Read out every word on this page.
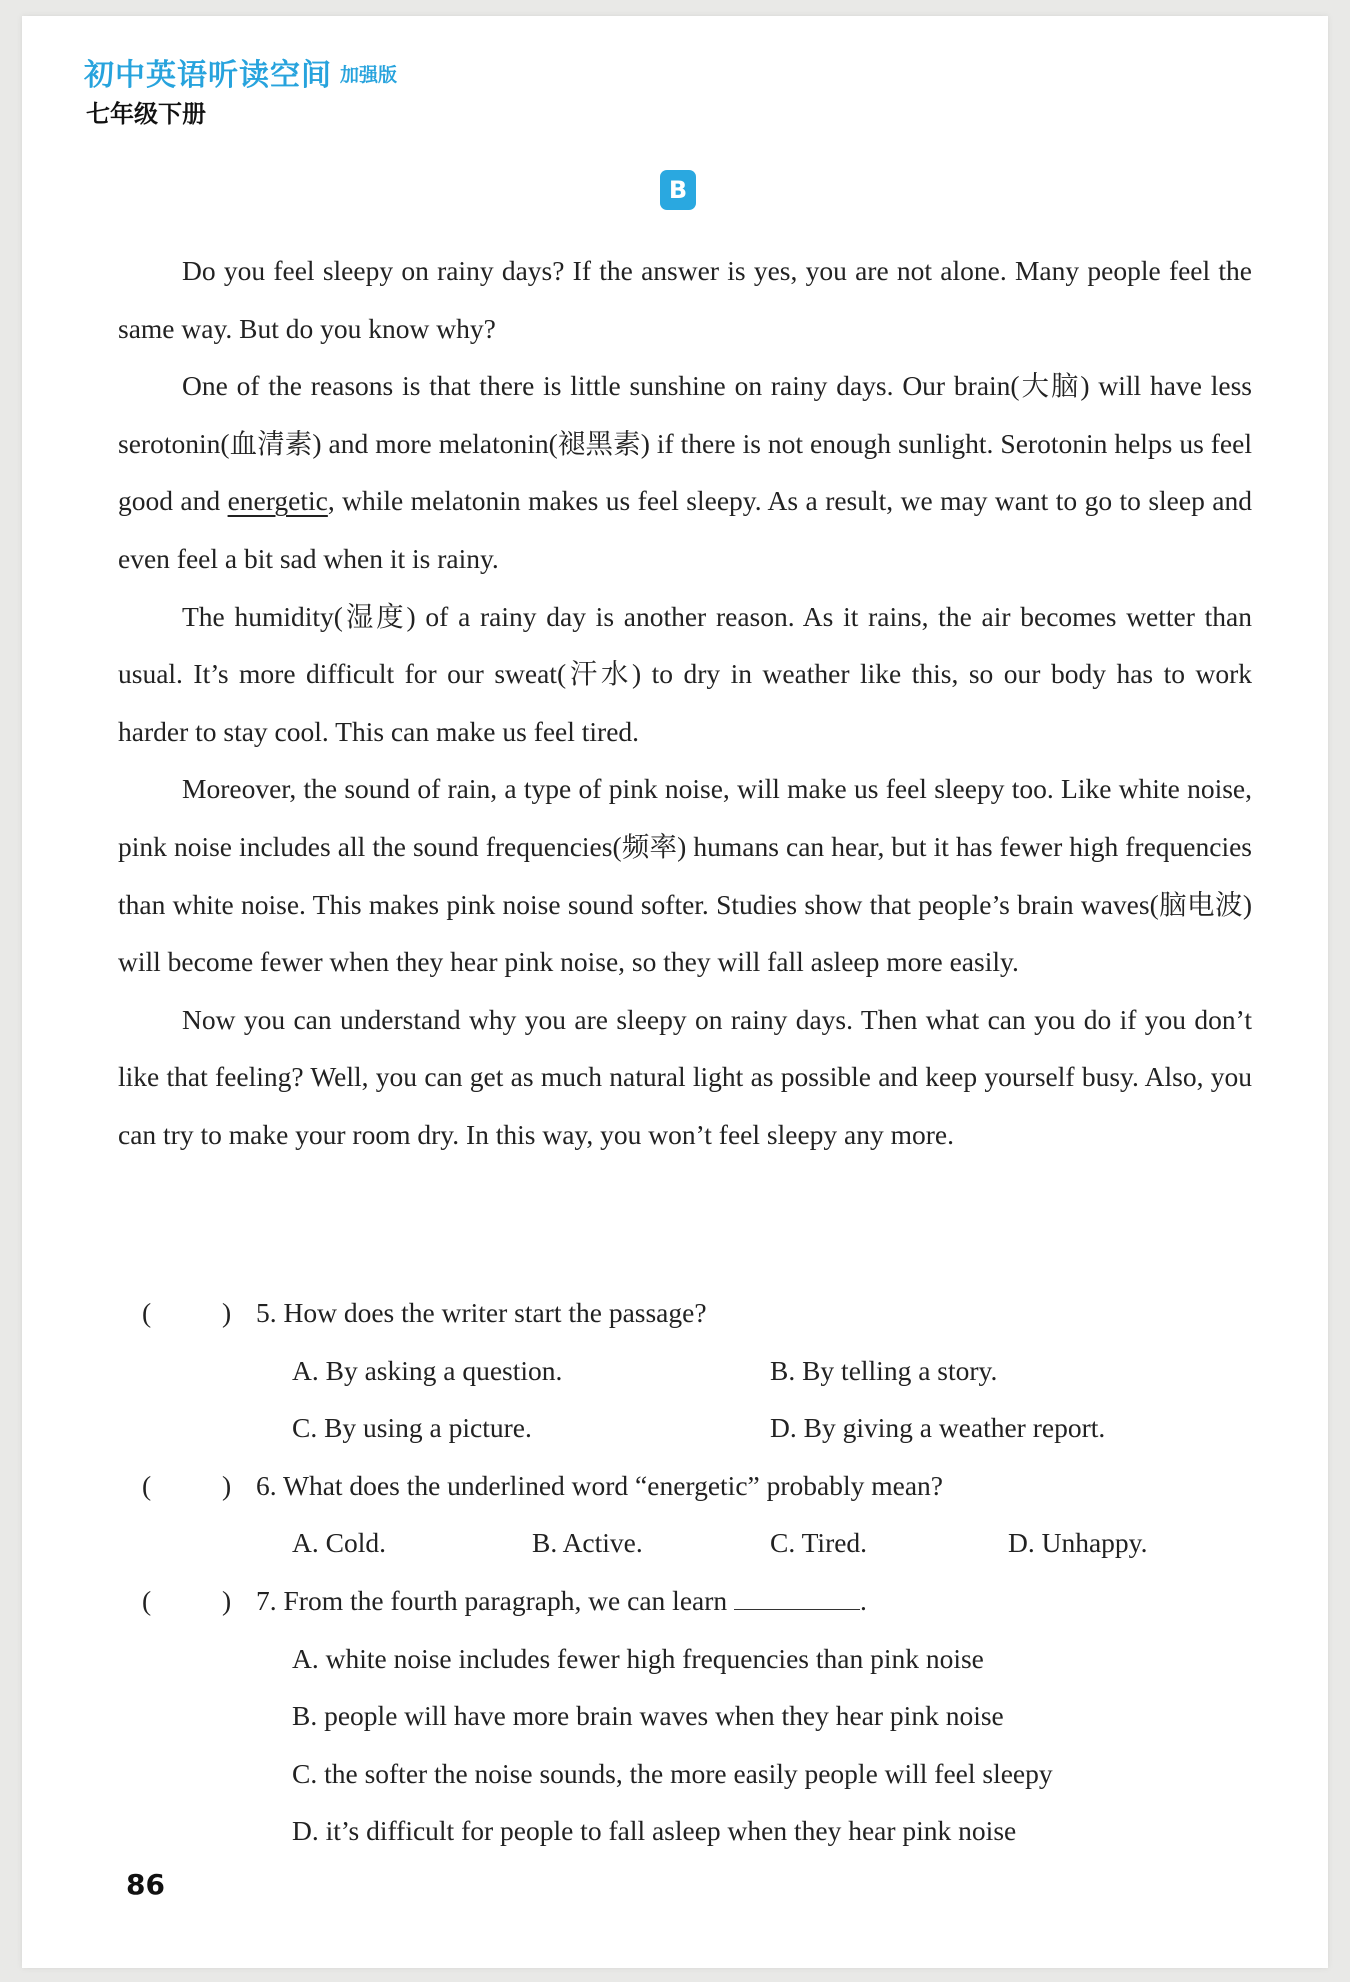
初中英语听读空间 加强版
七年级下册
B

Do you feel sleepy on rainy days? If the answer is yes, you are not alone. Many people feel the same way. But do you know why?

One of the reasons is that there is little sunshine on rainy days. Our brain(大脑) will have less serotonin(血清素) and more melatonin(褪黑素) if there is not enough sunlight. Serotonin helps us feel good and energetic, while melatonin makes us feel sleepy. As a result, we may want to go to sleep and even feel a bit sad when it is rainy.

The humidity(湿度) of a rainy day is another reason. As it rains, the air becomes wetter than usual. It’s more difficult for our sweat(汗水) to dry in weather like this, so our body has to work harder to stay cool. This can make us feel tired.

Moreover, the sound of rain, a type of pink noise, will make us feel sleepy too. Like white noise, pink noise includes all the sound frequencies(频率) humans can hear, but it has fewer high frequencies than white noise. This makes pink noise sound softer. Studies show that people’s brain waves(脑电波) will become fewer when they hear pink noise, so they will fall asleep more easily.

Now you can understand why you are sleepy on rainy days. Then what can you do if you don’t like that feeling? Well, you can get as much natural light as possible and keep yourself busy. Also, you can try to make your room dry. In this way, you won’t feel sleepy any more.

(	) 5. How does the writer start the passage?
A. By asking a question.	B. By telling a story.
C. By using a picture.	D. By giving a weather report.
(	) 6. What does the underlined word “energetic” probably mean?
A. Cold.	B. Active.	C. Tired.	D. Unhappy.
(	) 7. From the fourth paragraph, we can learn	.
A. white noise includes fewer high frequencies than pink noise
B. people will have more brain waves when they hear pink noise
C. the softer the noise sounds, the more easily people will feel sleepy
D. it’s difficult for people to fall asleep when they hear pink noise
86
